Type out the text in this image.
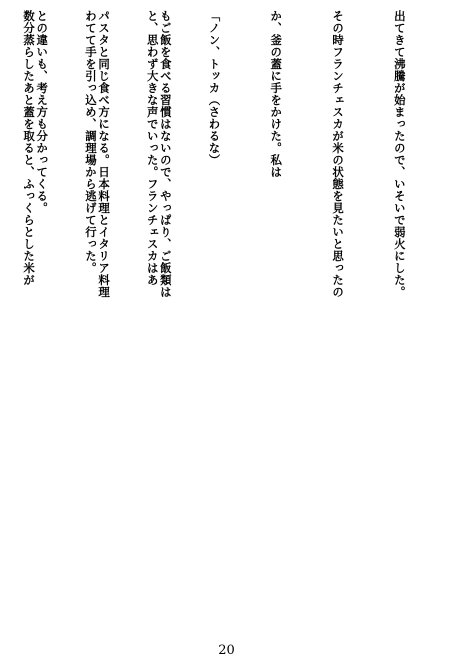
出てきて沸騰が始まったので、いそいで弱火にした。

その時フランチェスカが米の状態を見たいと思ったの

か、釜の蓋に手をかけた。私は

「ノン、トッカ（さわるな）

と、思わず大きな声でいった。フランチェスカはあ

わてて手を引っ込め、調理場から逃げて行った。

数分蒸らしたあと蓋を取ると、ふっくらとした米が

	もご飯を食べる習慣はないので、やっぱり、ご飯類は

パスタと同じ食べ方になる。日本料理とイタリア料理

との違いも、考え方も分かってくる。

20
